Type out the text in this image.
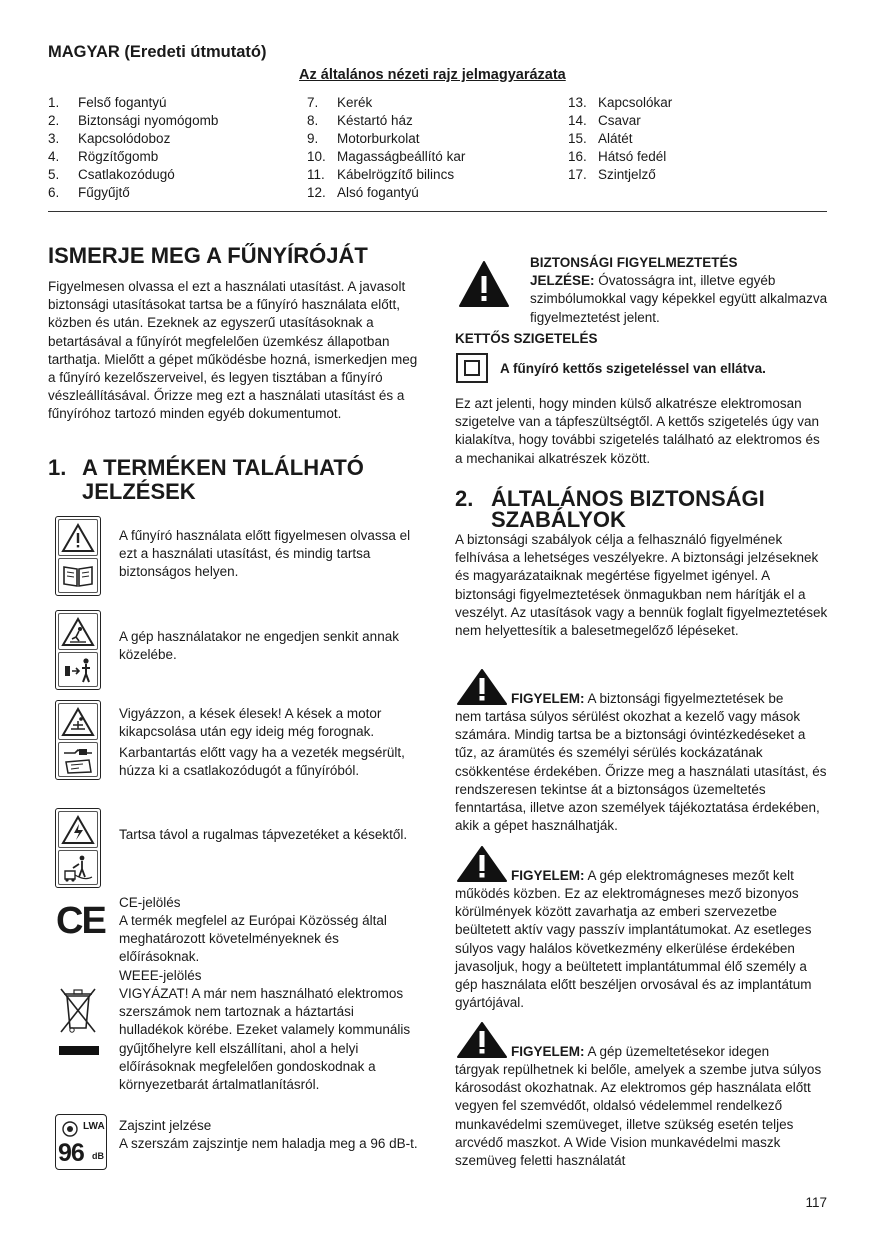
MAGYAR (Eredeti útmutató)
Az általános nézeti rajz jelmagyarázata
1.	Felső fogantyú
2.	Biztonsági nyomógomb
3.	Kapcsolódoboz
4.	Rögzítőgomb
5.	Csatlakozódugó
6.	Fűgyűjtő
7.	Kerék
8.	Késtartó ház
9.	Motorburkolat
10. Magasságbeállító kar
11. Kábelrögzítő bilincs
12. Alsó fogantyú
13. Kapcsolókar
14. Csavar
15. Alátét
16. Hátsó fedél
17. Szintjelző
ISMERJE MEG A FŰNYÍRÓJÁT
Figyelmesen olvassa el ezt a használati utasítást. A javasolt biztonsági utasításokat tartsa be a fűnyíró használata előtt, közben és után. Ezeknek az egyszerű utasításoknak a betartásával a fűnyírót megfelelően üzemkész állapotban tarthatja. Mielőtt a gépet működésbe hozná, ismerkedjen meg a fűnyíró kezelőszerveivel, és legyen tisztában a fűnyíró vészleállításával. Őrizze meg ezt a használati utasítást és a fűnyíróhoz tartozó minden egyéb dokumentumot.
1. A TERMÉKEN TALÁLHATÓ
JELZÉSEK
A fűnyíró használata előtt figyelmesen olvassa el ezt a használati utasítást, és mindig tartsa biztonságos helyen.
A gép használatakor ne engedjen senkit annak közelébe.
Vigyázzon, a kések élesek! A kések a motor kikapcsolása után egy ideig még forognak.
Karbantartás előtt vagy ha a vezeték megsérült, húzza ki a csatlakozódugót a fűnyíróból.
Tartsa távol a rugalmas tápvezetéket a késektől.
CE CE-jelölés
A termék megfelel az Európai Közösség által meghatározott követelményeknek és előírásoknak.
WEEE-jelölés
VIGYÁZAT! A már nem használható elektromos szerszámok nem tartoznak a háztartási hulladékok körébe. Ezeket valamely kommunális gyűjtőhelyre kell elszállítani, ahol a helyi előírásoknak megfelelően gondoskodnak a környezetbarát ártalmatlanításról.
LWA
96 dB
Zajszint jelzése
A szerszám zajszintje nem haladja meg a 96 dB-t.
BIZTONSÁGI FIGYELMEZTETÉS
JELZÉSE: Óvatosságra int, illetve egyéb szimbólumokkal vagy képekkel együtt alkalmazva figyelmeztetést jelent.
KETTŐS SZIGETELÉS
A fűnyíró kettős szigeteléssel van ellátva.
Ez azt jelenti, hogy minden külső alkatrésze elektromosan szigetelve van a tápfeszültségtől. A kettős szigetelés úgy van kialakítva, hogy további szigetelés található az elektromos és a mechanikai alkatrészek között.
2. ÁLTALÁNOS BIZTONSÁGI
SZABÁLYOK
A biztonsági szabályok célja a felhasználó figyelmének felhívása a lehetséges veszélyekre. A biztonsági jelzéseknek és magyarázataiknak megértése figyelmet igényel. A biztonsági figyelmeztetések önmagukban nem hárítják el a veszélyt. Az utasítások vagy a bennük foglalt figyelmeztetések nem helyettesítik a balesetmegelőző lépéseket.
FIGYELEM: A biztonsági figyelmeztetések be
nem tartása súlyos sérülést okozhat a kezelő vagy mások számára. Mindig tartsa be a biztonsági óvintézkedéseket a tűz, az áramütés és személyi sérülés kockázatának csökkentése érdekében. Őrizze meg a használati utasítást, és rendszeresen tekintse át a biztonságos üzemeltetés fenntartása, illetve azon személyek tájékoztatása érdekében, akik a gépet használhatják.
FIGYELEM: A gép elektromágneses mezőt kelt
működés közben. Ez az elektromágneses mező bizonyos körülmények között zavarhatja az emberi szervezetbe beültetett aktív vagy passzív implantátumokat. Az esetleges súlyos vagy halálos következmény elkerülése érdekében javasoljuk, hogy a beültetett implantátummal élő személy a gép használata előtt beszéljen orvosával és az implantátum gyártójával.
FIGYELEM: A gép üzemeltetésekor idegen
tárgyak repülhetnek ki belőle, amelyek a szembe jutva súlyos károsodást okozhatnak. Az elektromos gép használata előtt vegyen fel szemvédőt, oldalsó védelemmel rendelkező munkavédelmi szemüveget, illetve szükség esetén teljes arcvédő maszkot. A Wide Vision munkavédelmi maszk szemüveg feletti használatát
117
